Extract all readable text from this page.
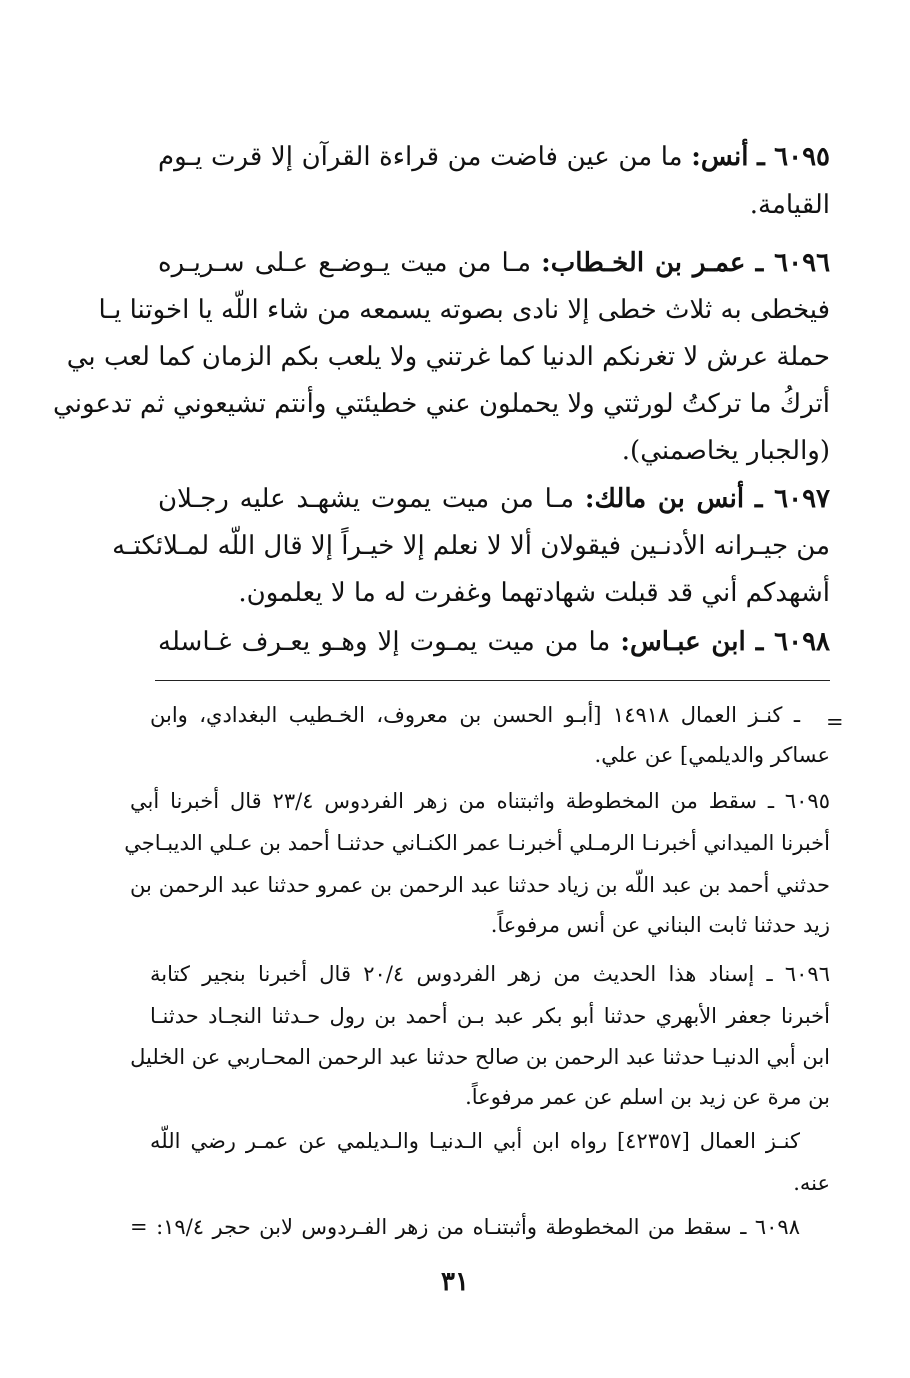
٦٠٩٥ ـ أنس: ما من عين فاضت من قراءة القرآن إلا قرت يـوم
القيامة.
٦٠٩٦ ـ عمـر بن الخـطاب: مـا من ميت يـوضـع عـلى سـريـره
فيخطى به ثلاث خطى إلا نادى بصوته يسمعه من شاء اللّه يا اخوتنا يـا
حملة عرش لا تغرنكم الدنيا كما غرتني ولا يلعب بكم الزمان كما لعب بي
أتركُ ما تركتُ لورثتي ولا يحملون عني خطيئتي وأنتم تشيعوني ثم تدعوني
(والجبار يخاصمني).
٦٠٩٧ ـ أنس بن مالك: مـا من ميت يموت يشهـد عليه رجـلان
من جيـرانه الأدنـين فيقولان ألا لا نعلم إلا خيـراً إلا قال اللّه لمـلائكتـه
أشهدكم أني قد قبلت شهادتهما وغفرت له ما لا يعلمون.
٦٠٩٨ ـ ابن عبـاس: ما من ميت يمـوت إلا وهـو يعـرف غـاسله
=
ـ كنـز العمال ١٤٩١٨ [أبـو الحسن بن معروف، الخـطيب البغدادي، وابن
عساكر والديلمي] عن علي.
٦٠٩٥ ـ سقط من المخطوطة واثبتناه من زهر الفردوس ٢٣/٤ قال أخبرنا أبي
أخبرنا الميداني أخبرنـا الرمـلي أخبرنـا عمر الكنـاني حدثنـا أحمد بن عـلي الديبـاجي
حدثني أحمد بن عبد اللّه بن زياد حدثنا عبد الرحمن بن عمرو حدثنا عبد الرحمن بن
زيد حدثنا ثابت البناني عن أنس مرفوعاً.
٦٠٩٦ ـ إسناد هذا الحديث من زهر الفردوس ٢٠/٤ قال أخبرنا بنجير كتابة
أخبرنا جعفر الأبهري حدثنا أبو بكر عبد بـن أحمد بن رول حـدثنا النجـاد حدثنـا
ابن أبي الدنيـا حدثنا عبد الرحمن بن صالح حدثنا عبد الرحمن المحـاربي عن الخليل
بن مرة عن زيد بن اسلم عن عمر مرفوعاً.
كنـز العمال [٤٢٣٥٧] رواه ابن أبي الـدنيـا والـديلمي عن عمـر رضي اللّه
عنه.
٦٠٩٨ ـ سقط من المخطوطة وأثبتنـاه من زهر الفـردوس لابن حجر ١٩/٤: =
٣١
